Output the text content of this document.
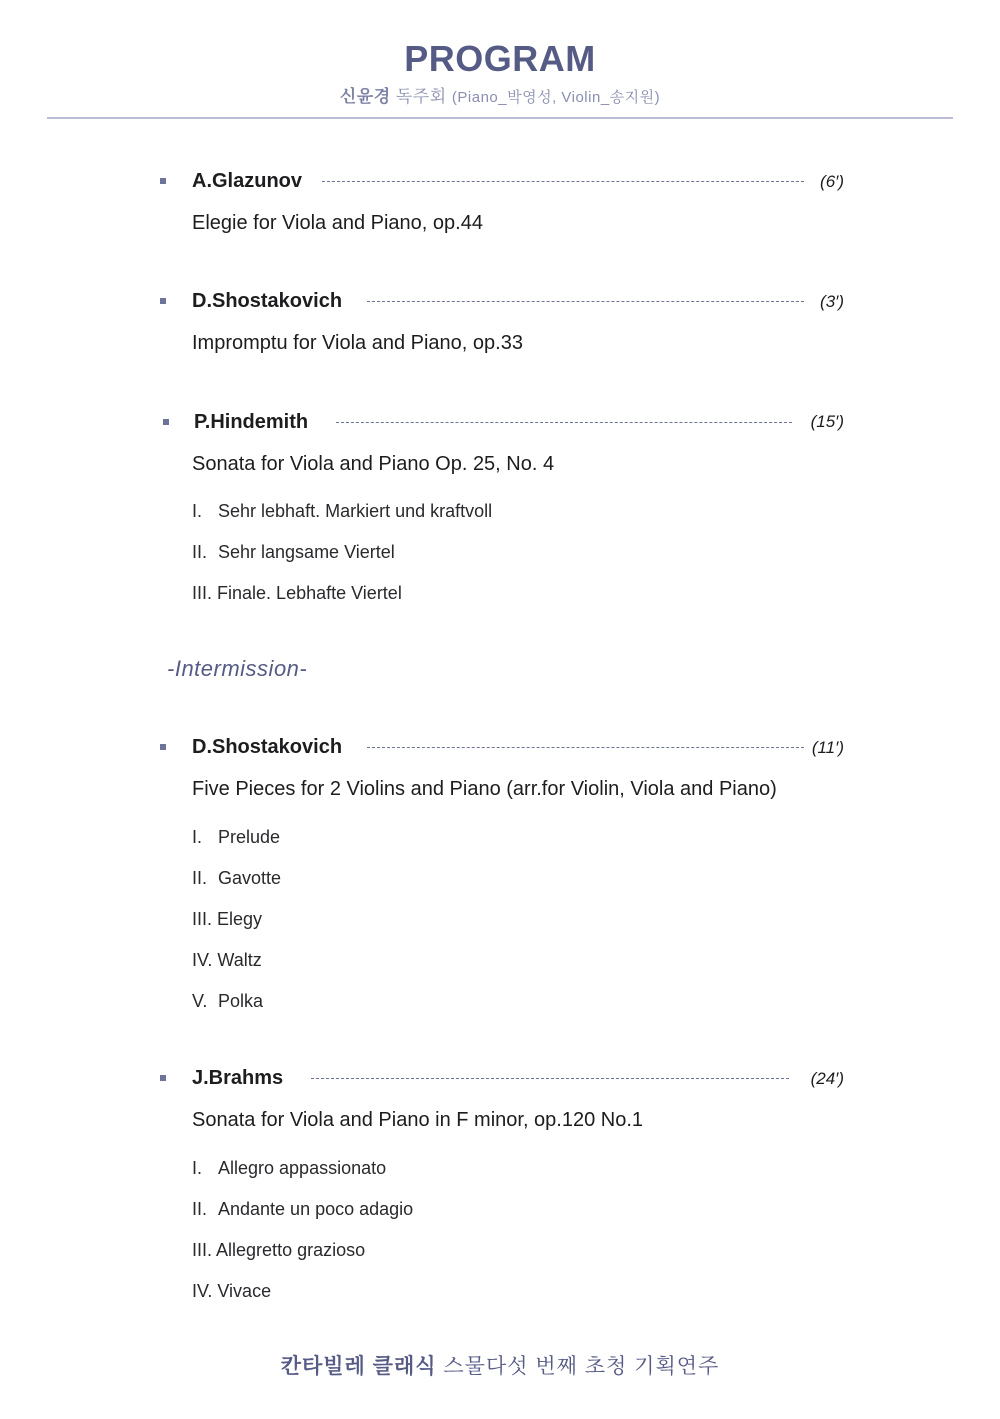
PROGRAM
신윤경 독주회 (Piano_박영성, Violin_송지원)
A.Glazunov	(6′)
Elegie for Viola and Piano, op.44
D.Shostakovich	(3′)
Impromptu for Viola and Piano, op.33
P.Hindemith	(15′)
Sonata for Viola and Piano Op. 25, No. 4
I. Sehr lebhaft. Markiert und kraftvoll
II. Sehr langsame Viertel
III. Finale. Lebhafte Viertel
-Intermission-
D.Shostakovich	(11′)
Five Pieces for 2 Violins and Piano (arr.for Violin, Viola and Piano)
I. Prelude
II. Gavotte
III. Elegy
IV. Waltz
V. Polka
J.Brahms	(24′)
Sonata for Viola and Piano in F minor, op.120 No.1
I. Allegro appassionato
II. Andante un poco adagio
III. Allegretto grazioso
IV. Vivace
칸타빌레 클래식 스물다섯 번째 초청 기획연주
